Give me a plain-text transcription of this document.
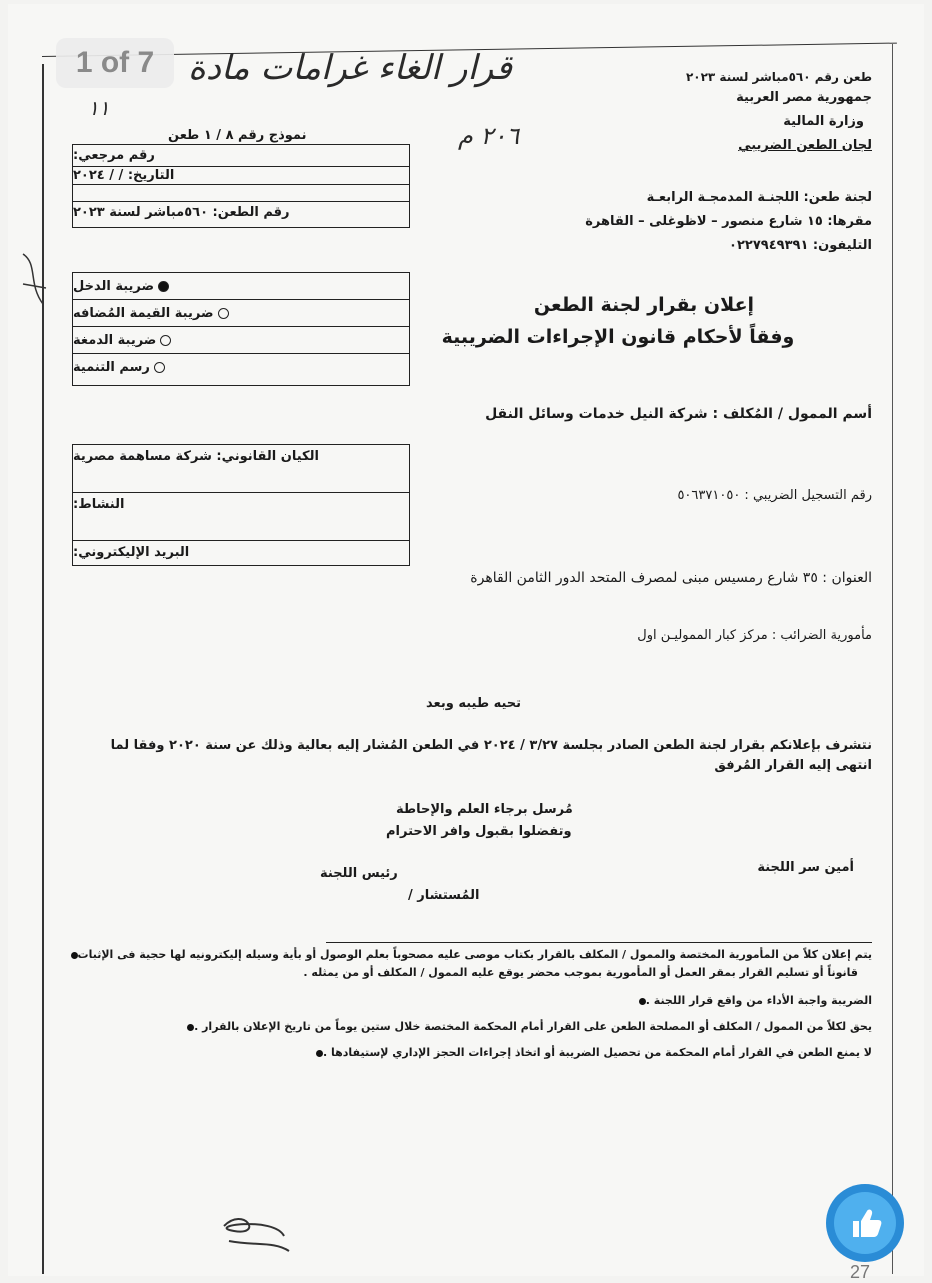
قرار الغاء غرامات مادة
١١
٢٠٦ م
طعن رقم ٥٦٠مباشر لسنة ٢٠٢٣
جمهورية مصر العربية
وزارة المالية
لجان الطعن الضريبي
نموذج رقم ٨ / ١ طعن
رقم مرجعي:
التاريخ: / / ٢٠٢٤
رقم الطعن: ٥٦٠مباشر لسنة ٢٠٢٣
لجنة طعن: اللجنـة المدمجـة الرابعـة
مقرها: ١٥ شارع منصور – لاظوغلى – القاهرة
التليفون: ٠٢٢٧٩٤٩٣٩١
ضريبة الدخل
ضريبة القيمة المُضافه
ضريبة الدمغة
رسم التنمية
إعلان بقرار لجنة الطعن
وفقاً لأحكام قانون الإجراءات الضريبية
أسم الممول / المُكلف : شركة النيل خدمات وسائل النقل
الكيان القانوني: شركة مساهمة مصرية
النشاط:
البريد الإليكتروني:
رقم التسجيل الضريبي : ٥٠٦٣٧١٠٥٠
العنوان : ٣٥ شارع رمسيس مبنى لمصرف المتحد الدور الثامن القاهرة
مأمورية الضرائب : مركز كبار المموليـن اول
تحيه طيبه وبعد
نتشرف بإعلانكم بقرار لجنة الطعن الصادر بجلسة ٣/٢٧ / ٢٠٢٤ في الطعن المُشار إليه بعالية وذلك عن سنة ٢٠٢٠ وفقا لما
انتهى إليه القرار المُرفق
مُرسل برجاء العلم والإحاطة
وتفضلوا بقبول وافر الاحترام
أمين سر اللجنة
رئيس اللجنة
المُستشار /
يتم إعلان كلاً من المأمورية المختصة والممول / المكلف بالقرار بكتاب موصى عليه مصحوباً بعلم الوصول أو بأية وسيله إليكترونيه لها حجية فى الإثبات
قانوناً أو تسليم القرار بمقر العمل أو المأمورية بموجب محضر يوقع عليه الممول / المكلف أو من يمثله .
الضريبة واجبة الأداء من واقع قرار اللجنة .
يحق لكلاً من الممول / المكلف أو المصلحة الطعن على القرار أمام المحكمة المختصة خلال ستين يوماً من تاريخ الإعلان بالقرار .
لا يمنع الطعن في القرار أمام المحكمة من تحصيل الضريبة أو اتخاذ إجراءات الحجز الإداري لإستيفادها .
1 of 7
27
